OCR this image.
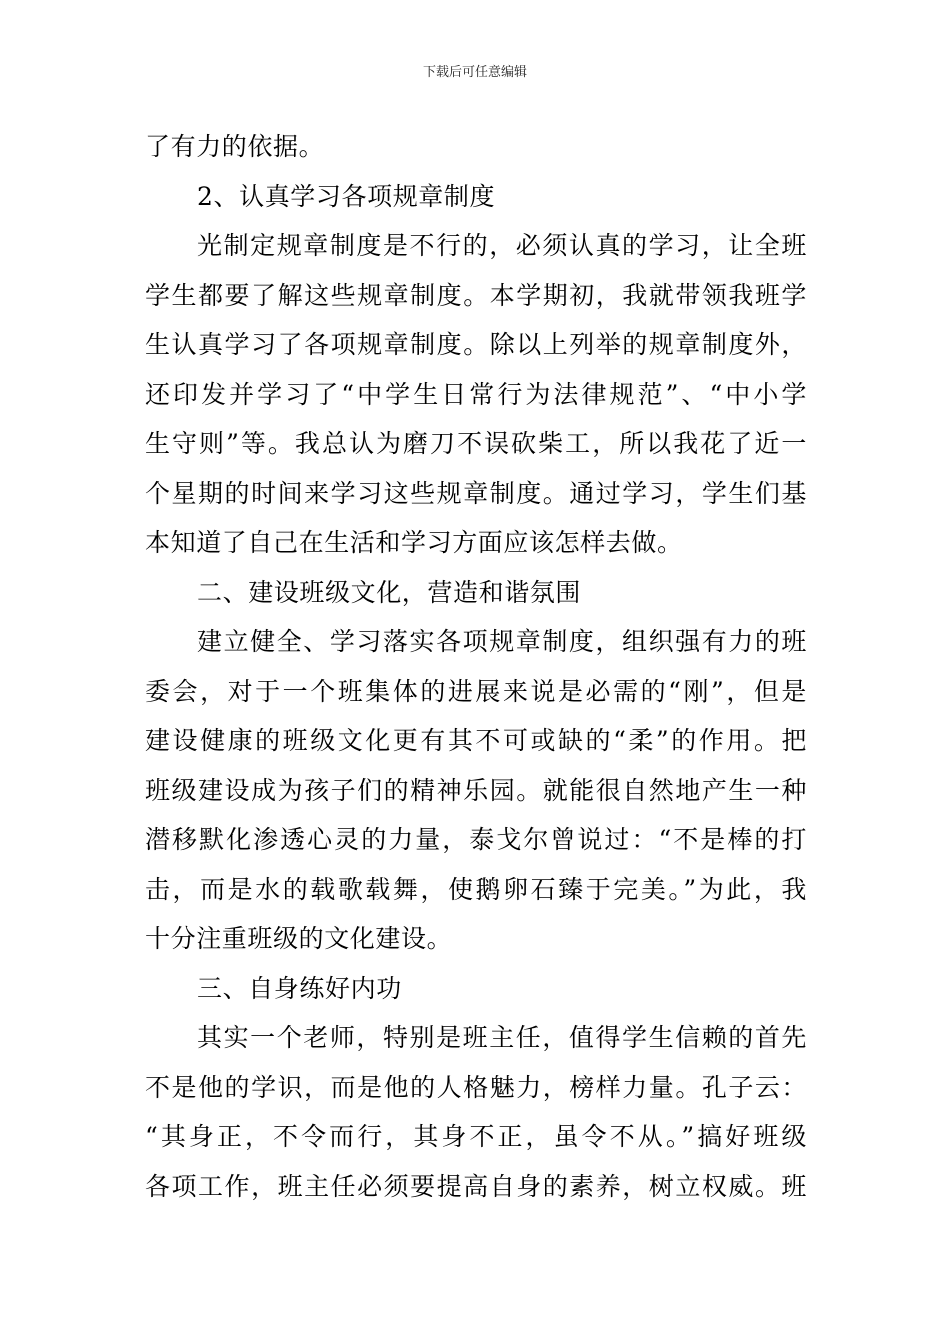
下载后可任意编辑
了有力的依据。
2、认真学习各项规章制度
光制定规章制度是不行的，必须认真的学习，让全班
学生都要了解这些规章制度。本学期初，我就带领我班学
生认真学习了各项规章制度。除以上列举的规章制度外，
还印发并学习了“中学生日常行为法律规范”、“中小学
生守则”等。我总认为磨刀不误砍柴工，所以我花了近一
个星期的时间来学习这些规章制度。通过学习，学生们基
本知道了自己在生活和学习方面应该怎样去做。
二、建设班级文化，营造和谐氛围
建立健全、学习落实各项规章制度，组织强有力的班
委会，对于一个班集体的进展来说是必需的“刚”，但是
建设健康的班级文化更有其不可或缺的“柔”的作用。把
班级建设成为孩子们的精神乐园。就能很自然地产生一种
潜移默化渗透心灵的力量，泰戈尔曾说过：“不是棒的打
击，而是水的载歌载舞，使鹅卵石臻于完美。”为此，我
十分注重班级的文化建设。
三、自身练好内功
其实一个老师，特别是班主任，值得学生信赖的首先
不是他的学识，而是他的人格魅力，榜样力量。孔子云：
“其身正，不令而行，其身不正，虽令不从。”搞好班级
各项工作，班主任必须要提高自身的素养，树立权威。班
